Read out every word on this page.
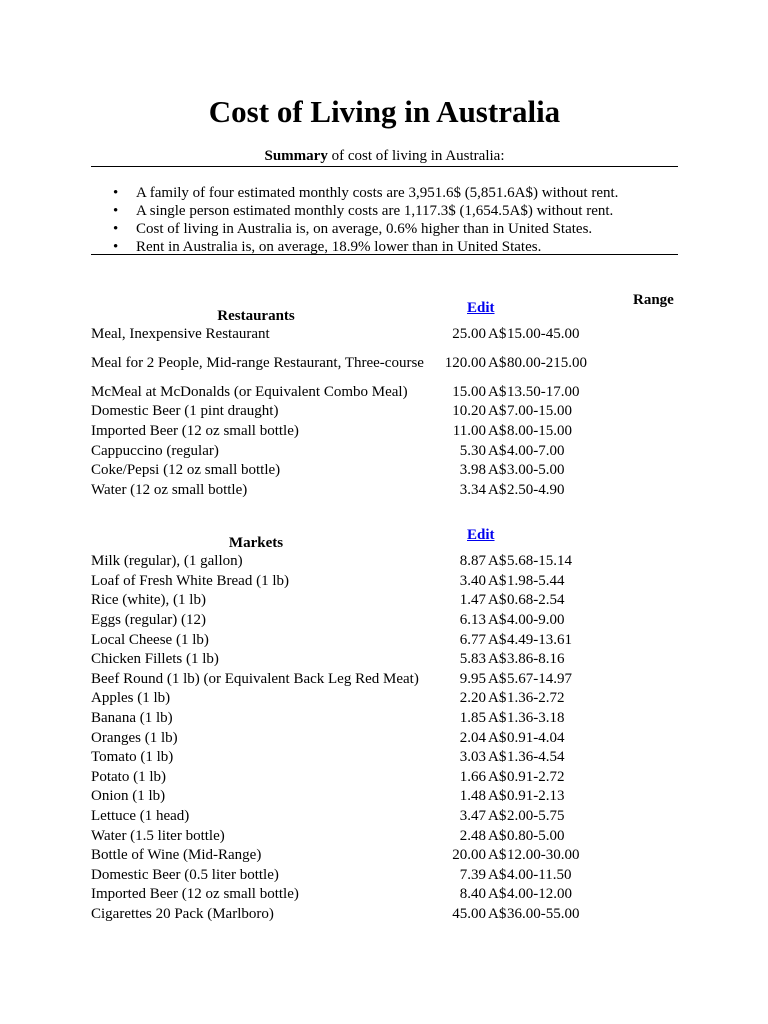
Cost of Living in Australia
Summary of cost of living in Australia:
• A family of four estimated monthly costs are 3,951.6$ (5,851.6A$) without rent.
• A single person estimated monthly costs are 1,117.3$ (1,654.5A$) without rent.
• Cost of living in Australia is, on average, 0.6% higher than in United States.
• Rent in Australia is, on average, 18.9% lower than in United States.
Range
Restaurants	Edit
Meal, Inexpensive Restaurant	25.00 A$ 15.00-45.00
Meal for 2 People, Mid-range Restaurant, Three-course	120.00 A$ 80.00-215.00
McMeal at McDonalds (or Equivalent Combo Meal)	15.00 A$ 13.50-17.00
Domestic Beer (1 pint draught)	10.20 A$ 7.00-15.00
Imported Beer (12 oz small bottle)	11.00 A$ 8.00-15.00
Cappuccino (regular)	5.30 A$ 4.00-7.00
Coke/Pepsi (12 oz small bottle)	3.98 A$ 3.00-5.00
Water (12 oz small bottle)	3.34 A$ 2.50-4.90
Markets	Edit
Milk (regular), (1 gallon)	8.87 A$ 5.68-15.14
Loaf of Fresh White Bread (1 lb)	3.40 A$ 1.98-5.44
Rice (white), (1 lb)	1.47 A$ 0.68-2.54
Eggs (regular) (12)	6.13 A$ 4.00-9.00
Local Cheese (1 lb)	6.77 A$ 4.49-13.61
Chicken Fillets (1 lb)	5.83 A$ 3.86-8.16
Beef Round (1 lb) (or Equivalent Back Leg Red Meat)	9.95 A$ 5.67-14.97
Apples (1 lb)	2.20 A$ 1.36-2.72
Banana (1 lb)	1.85 A$ 1.36-3.18
Oranges (1 lb)	2.04 A$ 0.91-4.04
Tomato (1 lb)	3.03 A$ 1.36-4.54
Potato (1 lb)	1.66 A$ 0.91-2.72
Onion (1 lb)	1.48 A$ 0.91-2.13
Lettuce (1 head)	3.47 A$ 2.00-5.75
Water (1.5 liter bottle)	2.48 A$ 0.80-5.00
Bottle of Wine (Mid-Range)	20.00 A$ 12.00-30.00
Domestic Beer (0.5 liter bottle)	7.39 A$ 4.00-11.50
Imported Beer (12 oz small bottle)	8.40 A$ 4.00-12.00
Cigarettes 20 Pack (Marlboro)	45.00 A$ 36.00-55.00
